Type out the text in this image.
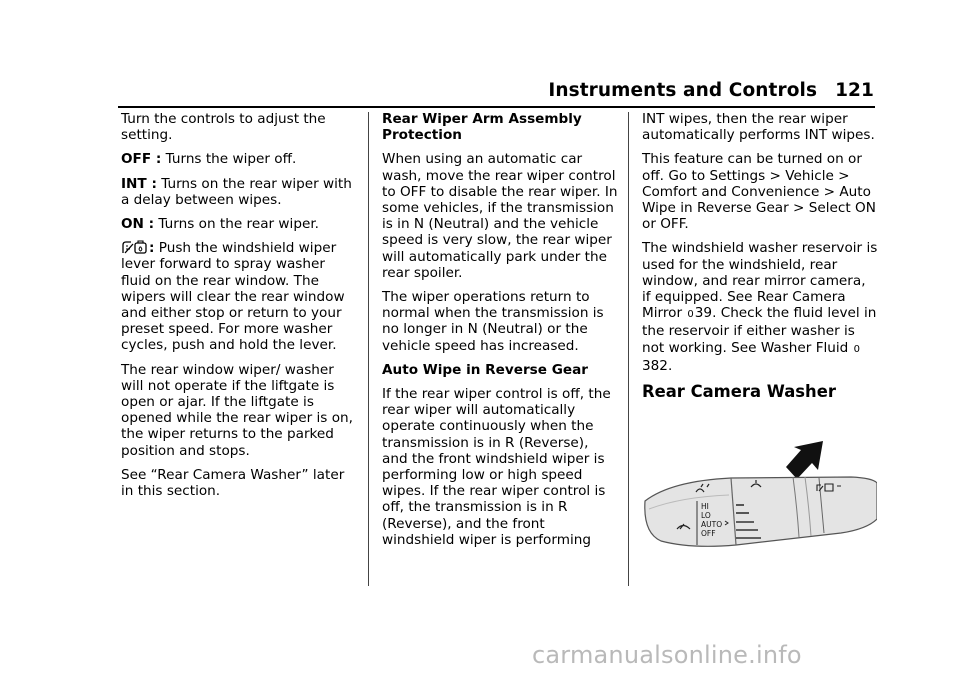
Instruments and Controls 121

Turn the controls to adjust the setting.

OFF : Turns the wiper off.

INT : Turns on the rear wiper with a delay between wipes.

ON : Turns on the rear wiper.

: Push the windshield wiper lever forward to spray washer fluid on the rear window. The wipers will clear the rear window and either stop or return to your preset speed. For more washer cycles, push and hold the lever.

The rear window wiper/ washer will not operate if the liftgate is open or ajar. If the liftgate is opened while the rear wiper is on, the wiper returns to the parked position and stops.

See “Rear Camera Washer” later in this section.

Rear Wiper Arm Assembly Protection

When using an automatic car wash, move the rear wiper control to OFF to disable the rear wiper. In some vehicles, if the transmission is in N (Neutral) and the vehicle speed is very slow, the rear wiper will automatically park under the rear spoiler.

The wiper operations return to normal when the transmission is no longer in N (Neutral) or the vehicle speed has increased.

Auto Wipe in Reverse Gear

If the rear wiper control is off, the rear wiper will automatically operate continuously when the transmission is in R (Reverse), and the front windshield wiper is performing low or high speed wipes. If the rear wiper control is off, the transmission is in R (Reverse), and the front windshield wiper is performing

INT wipes, then the rear wiper automatically performs INT wipes.

This feature can be turned on or off. Go to Settings > Vehicle > Comfort and Convenience > Auto Wipe in Reverse Gear > Select ON or OFF.

The windshield washer reservoir is used for the windshield, rear window, and rear mirror camera, if equipped. See Rear Camera Mirror 039. Check the fluid level in the reservoir if either washer is not working. See Washer Fluid 0382.

Rear Camera Washer

HI
LO
AUTO
OFF
carmanualsonline.info
